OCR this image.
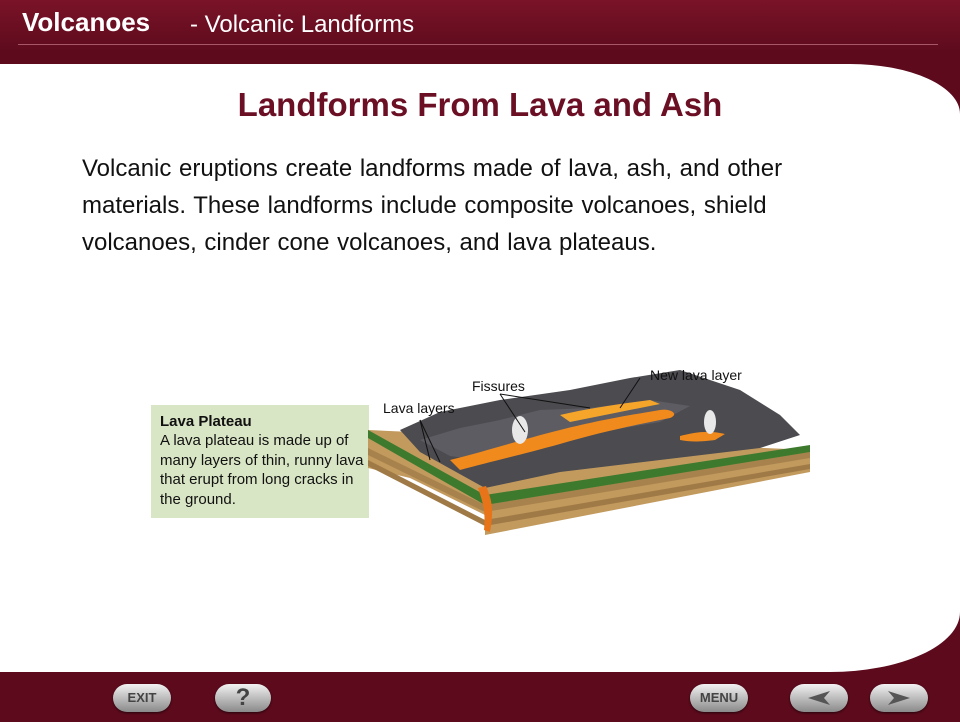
Volcanoes - Volcanic Landforms
Landforms From Lava and Ash
Volcanic eruptions create landforms made of lava, ash, and other materials. These landforms include composite volcanoes, shield volcanoes, cinder cone volcanoes, and lava plateaus.
Lava Plateau
A lava plateau is made up of many layers of thin, runny lava that erupt from long cracks in the ground.
Lava layers
Fissures
New lava layer
EXIT	?	MENU
